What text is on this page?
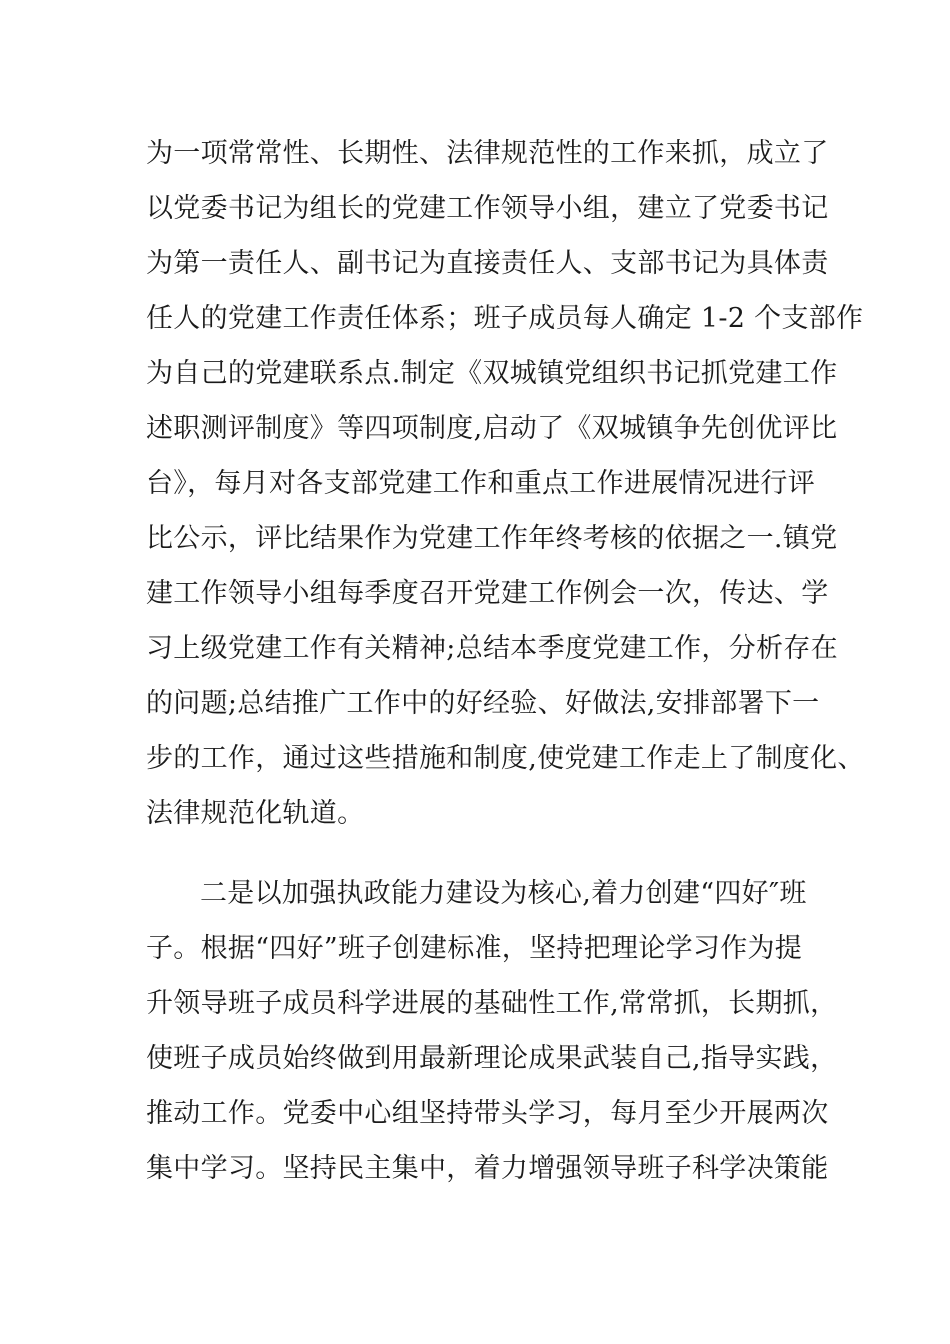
为一项常常性、长期性、法律规范性的工作来抓，成立了
以党委书记为组长的党建工作领导小组，建立了党委书记
为第一责任人、副书记为直接责任人、支部书记为具体责
任人的党建工作责任体系；班子成员每人确定 1-2 个支部作
为自己的党建联系点.制定《双城镇党组织书记抓党建工作
述职测评制度》等四项制度,启动了《双城镇争先创优评比
台》，每月对各支部党建工作和重点工作进展情况进行评
比公示，评比结果作为党建工作年终考核的依据之一.镇党
建工作领导小组每季度召开党建工作例会一次，传达、学
习上级党建工作有关精神;总结本季度党建工作，分析存在
的问题;总结推广工作中的好经验、好做法,安排部署下一
步的工作，通过这些措施和制度,使党建工作走上了制度化、
法律规范化轨道。
二是以加强执政能力建设为核心,着力创建“四好″班
子。根据“四好”班子创建标准，坚持把理论学习作为提
升领导班子成员科学进展的基础性工作,常常抓，长期抓，
使班子成员始终做到用最新理论成果武装自己,指导实践，
推动工作。党委中心组坚持带头学习，每月至少开展两次
集中学习。坚持民主集中，着力增强领导班子科学决策能
